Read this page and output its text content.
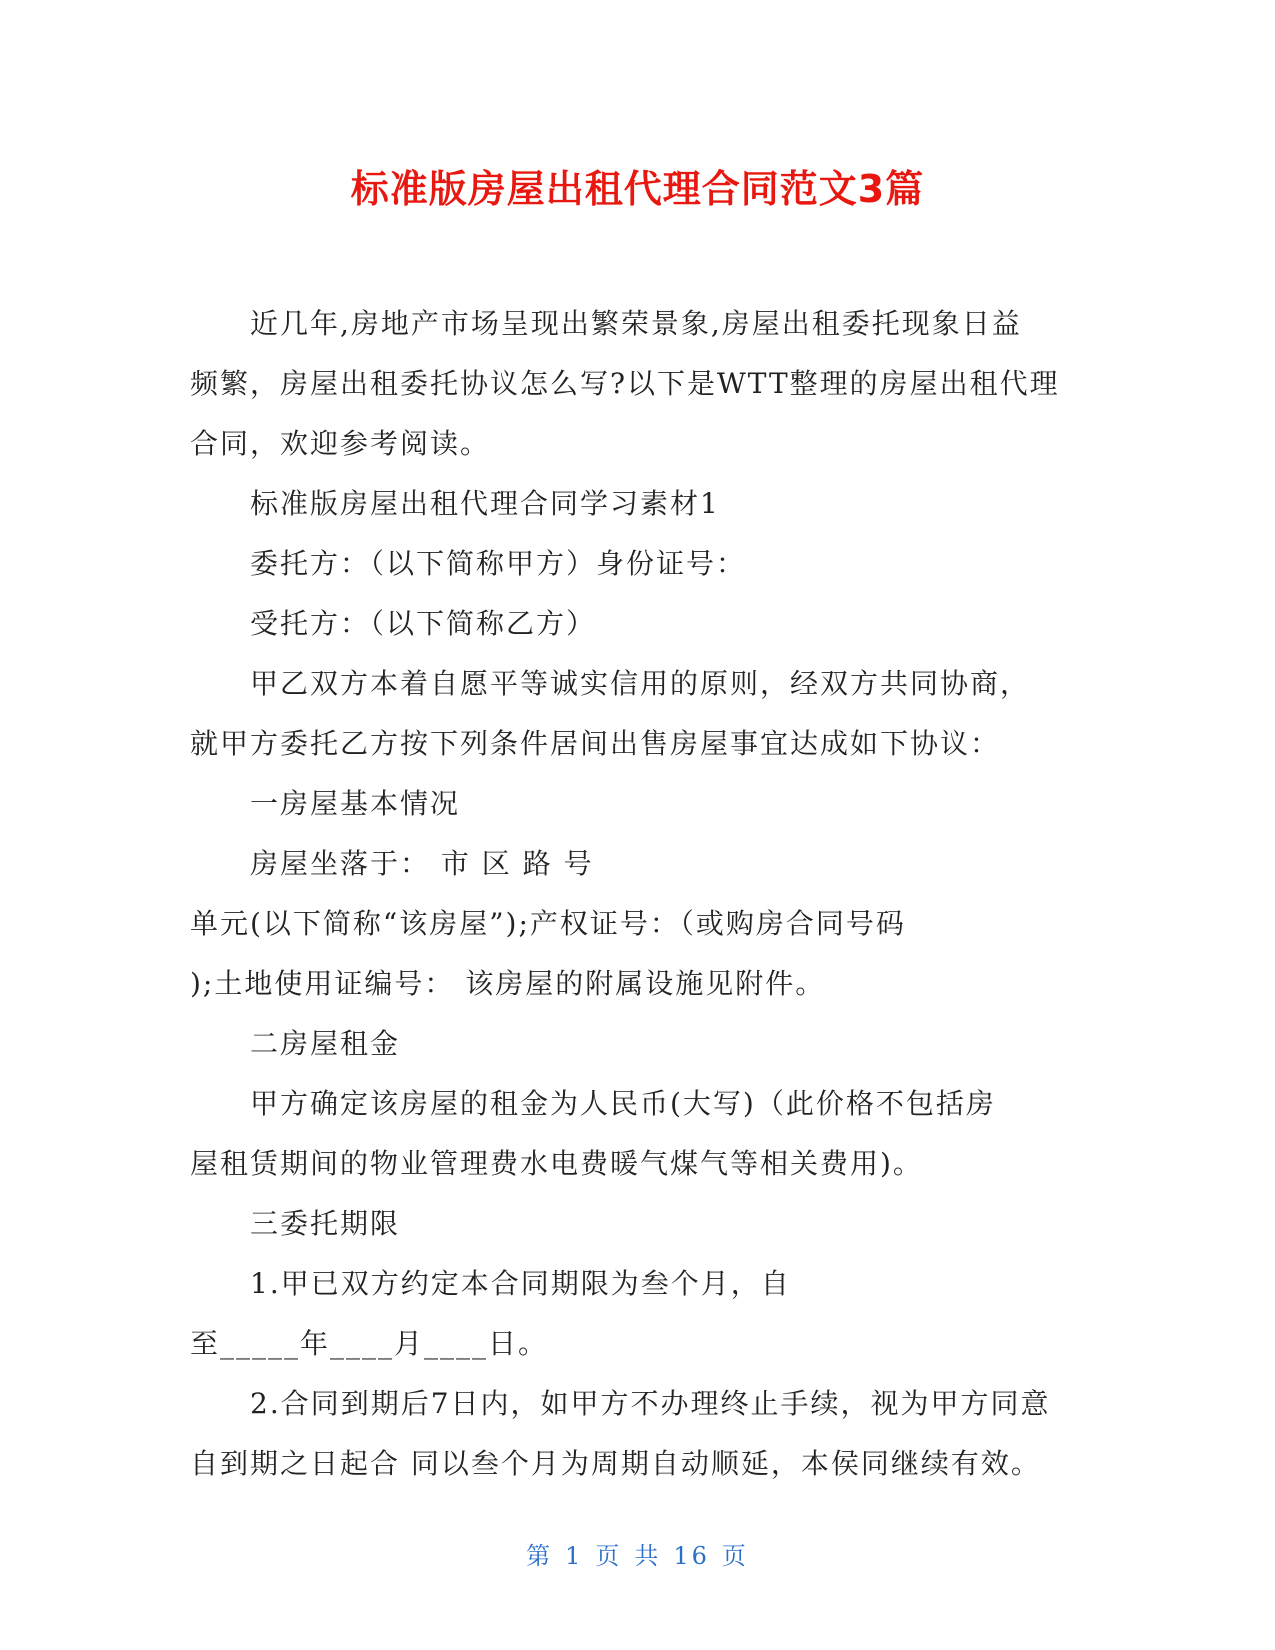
标准版房屋出租代理合同范文3篇

近几年,房地产市场呈现出繁荣景象,房屋出租委托现象日益
频繁，房屋出租委托协议怎么写?以下是WTT整理的房屋出租代理
合同，欢迎参考阅读。

标准版房屋出租代理合同学习素材1

委托方：（以下简称甲方）身份证号：

受托方：（以下简称乙方）

甲乙双方本着自愿平等诚实信用的原则，经双方共同协商，
就甲方委托乙方按下列条件居间出售房屋事宜达成如下协议：

一房屋基本情况

房屋坐落于： 市 区 路 号
单元(以下简称“该房屋”);产权证号：（或购房合同号码
);土地使用证编号： 该房屋的附属设施见附件。

二房屋租金

甲方确定该房屋的租金为人民币(大写)（此价格不包括房
屋租赁期间的物业管理费水电费暖气煤气等相关费用)。

三委托期限

1.甲已双方约定本合同期限为叁个月，自
至_____年____月____日。

2.合同到期后7日内，如甲方不办理终止手续，视为甲方同意
自到期之日起合 同以叁个月为周期自动顺延，本侯同继续有效。

第 1 页 共 16 页
